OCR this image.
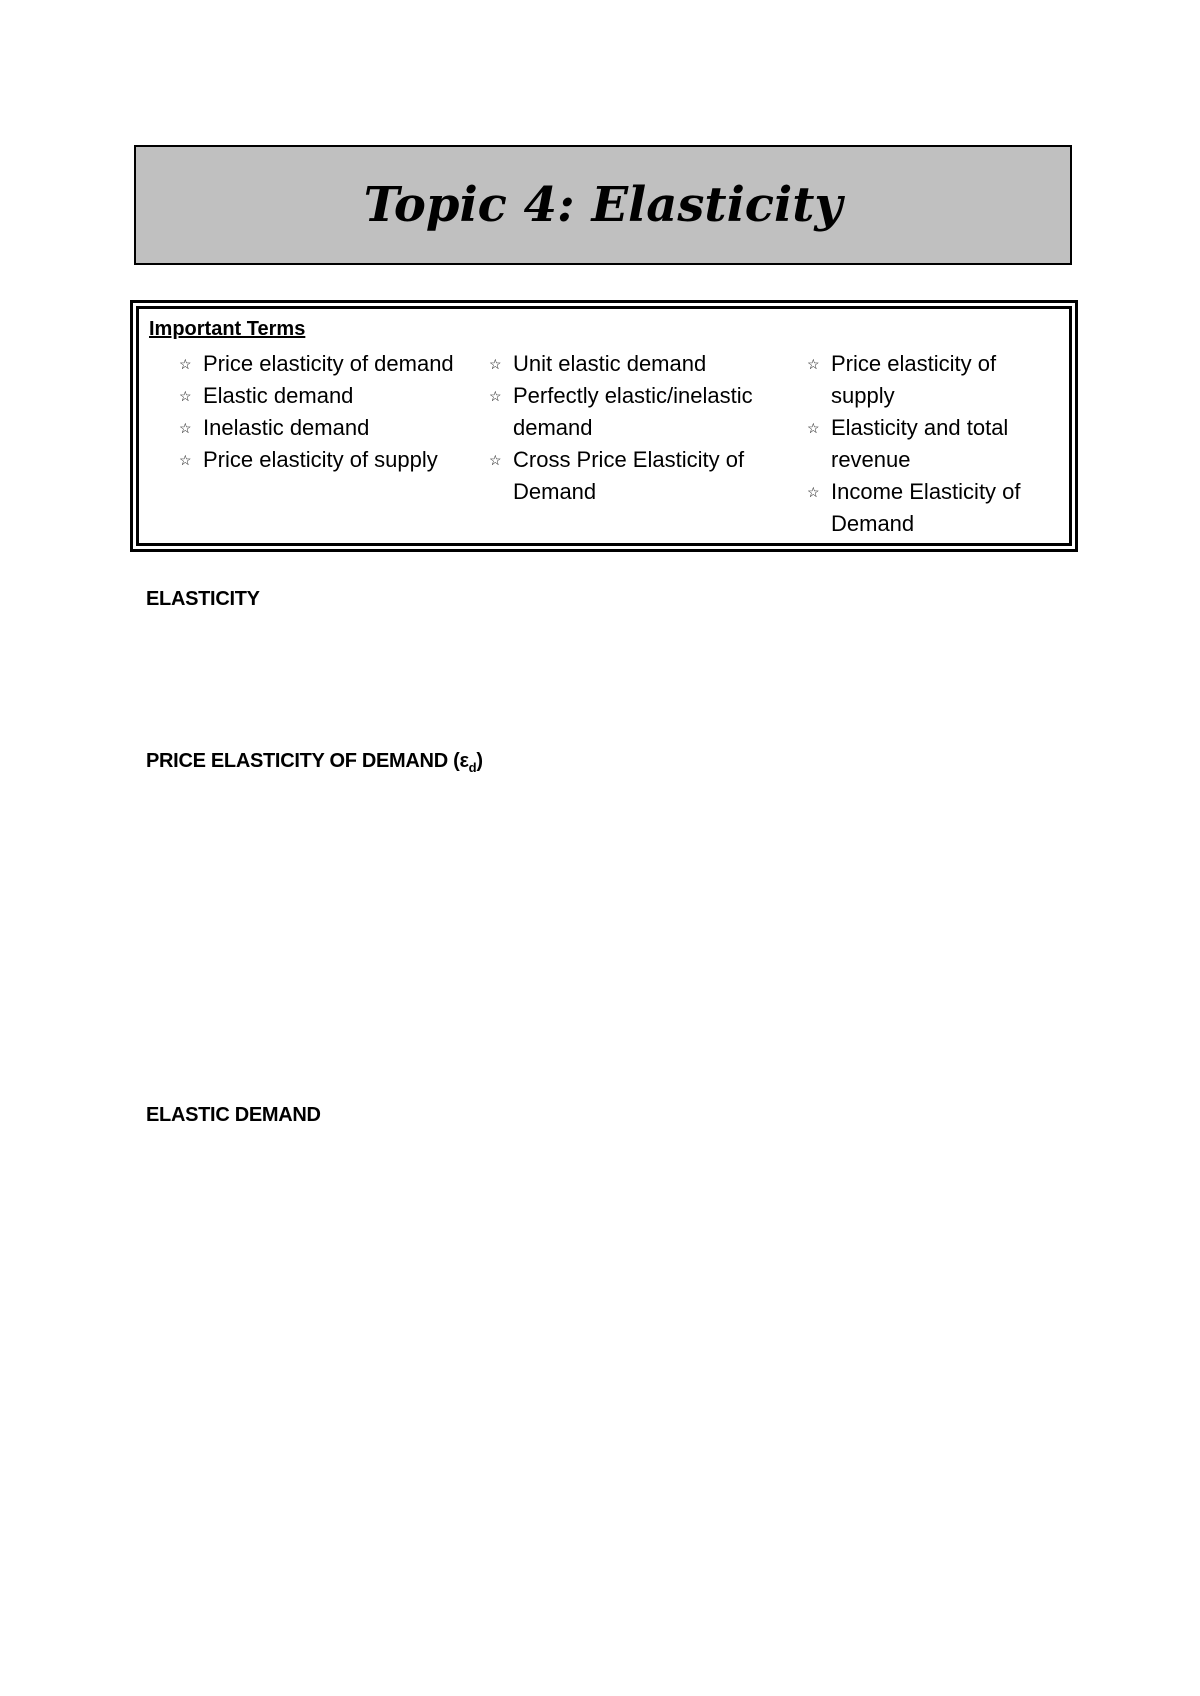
Topic 4: Elasticity
Important Terms
☆ Price elasticity of demand
☆ Elastic demand
☆ Inelastic demand
☆ Price elasticity of supply
☆ Unit elastic demand
☆ Perfectly elastic/inelastic demand
☆ Cross Price Elasticity of Demand
☆ Price elasticity of supply
☆ Elasticity and total revenue
☆ Income Elasticity of Demand
ELASTICITY
PRICE ELASTICITY OF DEMAND $(\varepsilon_d)$
ELASTIC DEMAND
